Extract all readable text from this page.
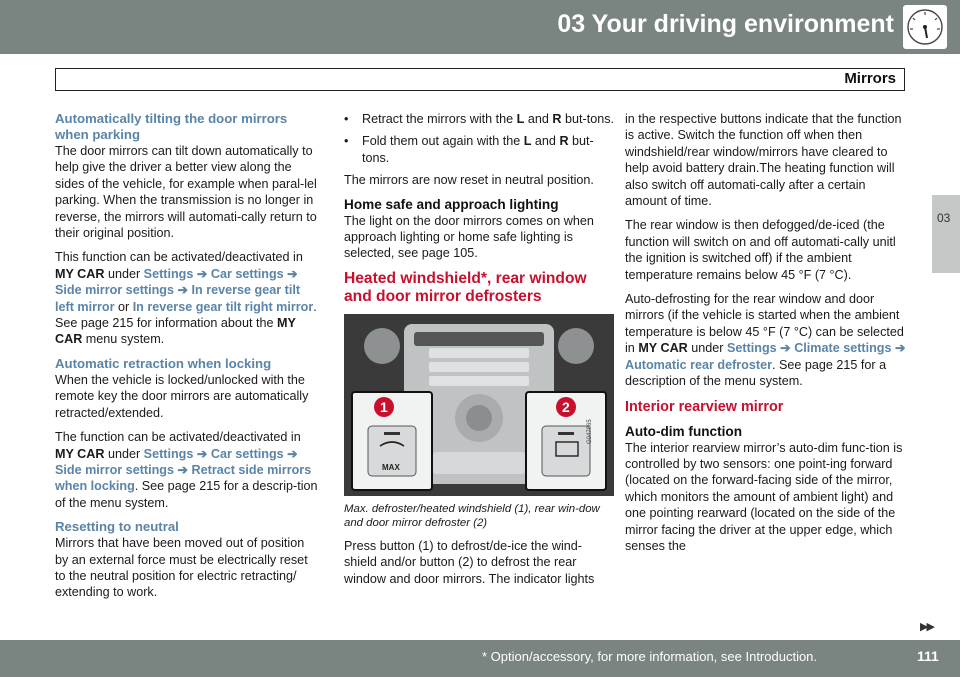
03 Your driving environment
Mirrors
03
Automatically tilting the door mirrors when parking

The door mirrors can tilt down automatically to help give the driver a better view along the sides of the vehicle, for example when paral-lel parking. When the transmission is no longer in reverse, the mirrors will automati-cally return to their original position.

This function can be activated/deactivated in MY CAR under Settings ➔ Car settings ➔ Side mirror settings ➔ In reverse gear tilt left mirror or In reverse gear tilt right mirror. See page 215 for information about the MY CAR menu system.

Automatic retraction when locking

When the vehicle is locked/unlocked with the remote key the door mirrors are automatically retracted/extended.

The function can be activated/deactivated in MY CAR under Settings ➔ Car settings ➔ Side mirror settings ➔ Retract side mirrors when locking. See page 215 for a descrip-tion of the menu system.

Resetting to neutral

Mirrors that have been moved out of position by an external force must be electrically reset to the neutral position for electric retracting/ extending to work.

•	Retract the mirrors with the L and R but-tons.
•	Fold them out again with the L and R but-tons.

The mirrors are now reset in neutral position.

Home safe and approach lighting

The light on the door mirrors comes on when approach lighting or home safe lighting is selected, see page 105.

Heated windshield*, rear window and door mirror defrosters
1	2
MAX
G047065

Max. defroster/heated windshield (1), rear win-dow and door mirror defroster (2)

Press button (1) to defrost/de-ice the wind-shield and/or button (2) to defrost the rear window and door mirrors. The indicator lights

in the respective buttons indicate that the function is active. Switch the function off when then windshield/rear window/mirrors have cleared to help avoid battery drain.The heating function will also switch off automati-cally after a certain amount of time.

The rear window is then defogged/de-iced (the function will switch on and off automati-cally unitl the ignition is switched off) if the ambient temperature remains below 45 °F (7 °C).

Auto-defrosting for the rear window and door mirrors (if the vehicle is started when the ambient temperature is below 45 °F (7 °C) can be selected in MY CAR under Settings ➔ Climate settings ➔ Automatic rear defroster. See page 215 for a description of the menu system.

Interior rearview mirror
Auto-dim function

The interior rearview mirror’s auto-dim func-tion is controlled by two sensors: one point-ing forward (located on the forward-facing side of the mirror, which monitors the amount of ambient light) and one pointing rearward (located on the side of the mirror facing the driver at the upper edge, which senses the

▶▶
* Option/accessory, for more information, see Introduction.	111
